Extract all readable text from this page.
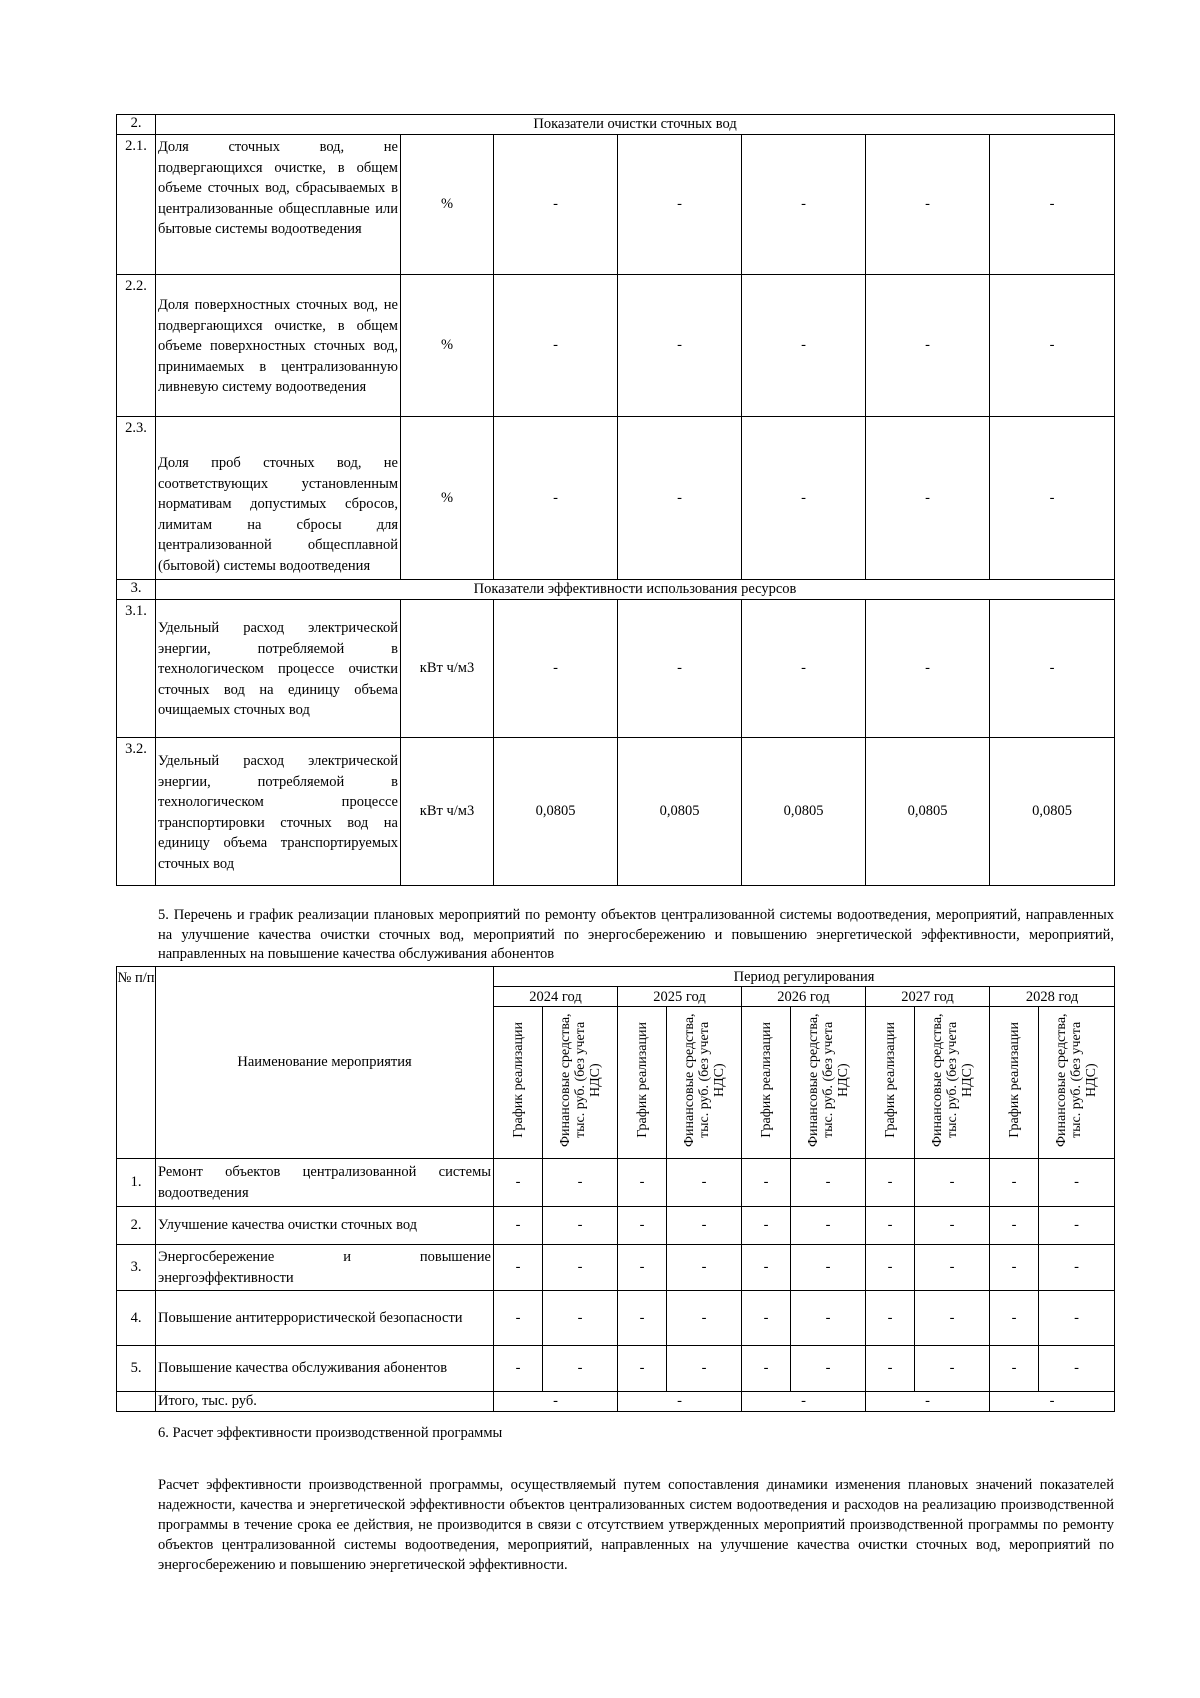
2.	Показатели очистки сточных вод						
2.1.	Доля сточных вод, не подвергающихся очистке, в общем объеме сточных вод, сбрасываемых в централизованные общесплавные или бытовые системы водоотведения	%	-	-	-	-	-
2.2.	Доля поверхностных сточных вод, не подвергающихся очистке, в общем объеме поверхностных сточных вод, принимаемых в централизованную ливневую систему водоотведения	%	-	-	-	-	-
2.3.	Доля проб сточных вод, не соответствующих установленным нормативам допустимых сбросов, лимитам на сбросы для централизованной общесплавной (бытовой) системы водоотведения	%	-	-	-	-	-
3.	Показатели эффективности использования ресурсов						
3.1.	Удельный расход электрической энергии, потребляемой в технологическом процессе очистки сточных вод на единицу объема очищаемых сточных вод	кВт ч/м3	-	-	-	-	-
3.2.	Удельный расход электрической энергии, потребляемой в технологическом процессе транспортировки сточных вод на единицу объема транспортируемых сточных вод	кВт ч/м3	0,0805	0,0805	0,0805	0,0805	0,0805
5. Перечень и график реализации плановых мероприятий по ремонту объектов централизованной системы водоотведения, мероприятий, направленных на улучшение качества очистки сточных вод, мероприятий по энергосбережению и повышению энергетической эффективности, мероприятий, направленных на повышение качества обслуживания абонентов
№ п/п	Наименование мероприятия	Период регулирования									
		2024 год		2025 год		2026 год		2027 год		2028 год	
		График реализации	Финансовые средства, тыс. руб. (без учета НДС)	График реализации	Финансовые средства, тыс. руб. (без учета НДС)	График реализации	Финансовые средства, тыс. руб. (без учета НДС)	График реализации	Финансовые средства, тыс. руб. (без учета НДС)	График реализации	Финансовые средства, тыс. руб. (без учета НДС)
1.	Ремонт объектов централизованной системы водоотведения	-	-	-	-	-	-	-	-	-	-
2.	Улучшение качества очистки сточных вод	-	-	-	-	-	-	-	-	-	-
3.	Энергосбережение и повышение энергоэффективности	-	-	-	-	-	-	-	-	-	-
4.	Повышение антитеррористической безопасности	-	-	-	-	-	-	-	-	-	-
5.	Повышение качества обслуживания абонентов	-	-	-	-	-	-	-	-	-	-
	Итого, тыс. руб.	-		-		-		-		-	
6. Расчет эффективности производственной программы
Расчет эффективности производственной программы, осуществляемый путем сопоставления динамики изменения плановых значений показателей надежности, качества и энергетической эффективности объектов централизованных систем водоотведения и расходов на реализацию производственной программы в течение срока ее действия, не производится в связи с отсутствием утвержденных мероприятий производственной программы по ремонту объектов централизованной системы водоотведения, мероприятий, направленных на улучшение качества очистки сточных вод, мероприятий по энергосбережению и повышению энергетической эффективности.
